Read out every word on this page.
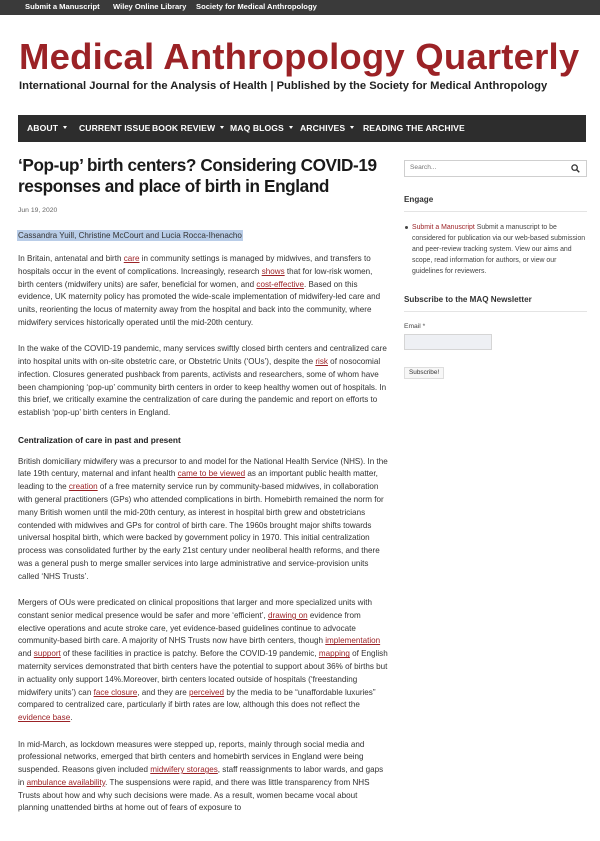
Submit a Manuscript Wiley Online Library Society for Medical Anthropology
Medical Anthropology Quarterly
International Journal for the Analysis of Health | Published by the Society for Medical Anthropology
ABOUT	CURRENT ISSUE BOOK REVIEW	MAQ BLOGS	ARCHIVES	READING THE ARCHIVE
‘Pop-up’ birth centers? Considering COVID-19 responses and place of birth in England
Jun 19, 2020
Cassandra Yuill, Christine McCourt and Lucia Rocca-Ihenacho

In Britain, antenatal and birth care in community settings is managed by midwives, and transfers to hospitals occur in the event of complications. Increasingly, research shows that for low-risk women, birth centers (midwifery units) are safer, beneficial for women, and cost-effective. Based on this evidence, UK maternity policy has promoted the wide-scale implementation of midwifery-led care and units, reorienting the locus of maternity away from the hospital and back into the community, where midwifery services historically operated until the mid-20th century.

In the wake of the COVID-19 pandemic, many services swiftly closed birth centers and centralized care into hospital units with on-site obstetric care, or Obstetric Units (‘OUs’), despite the risk of nosocomial infection. Closures generated pushback from parents, activists and researchers, some of whom have been championing ‘pop-up’ community birth centers in order to keep healthy women out of hospitals. In this brief, we critically examine the centralization of care during the pandemic and report on efforts to establish ‘pop-up’ birth centers in England.

Centralization of care in past and present

British domiciliary midwifery was a precursor to and model for the National Health Service (NHS). In the late 19th century, maternal and infant health came to be viewed as an important public health matter, leading to the creation of a free maternity service run by community-based midwives, in collaboration with general practitioners (GPs) who attended complications in birth. Homebirth remained the norm for many British women until the mid-20th century, as interest in hospital birth grew and obstetricians contended with midwives and GPs for control of birth care. The 1960s brought major shifts towards universal hospital birth, which were backed by government policy in 1970. This initial centralization process was consolidated further by the early 21st century under neoliberal health reforms, and there was a general push to merge smaller services into large administrative and service-provision units called ‘NHS Trusts’.

Mergers of OUs were predicated on clinical propositions that larger and more specialized units with constant senior medical presence would be safer and more ‘efficient’, drawing on evidence from elective operations and acute stroke care, yet evidence-based guidelines continue to advocate community-based birth care. A majority of NHS Trusts now have birth centers, though implementation and support of these facilities in practice is patchy. Before the COVID-19 pandemic, mapping of English maternity services demonstrated that birth centers have the potential to support about 36% of births but in actuality only support 14%.Moreover, birth centers located outside of hospitals (‘freestanding midwifery units’) can face closure, and they are perceived by the media to be “unaffordable luxuries” compared to centralized care, particularly if birth rates are low, although this does not reflect the evidence base.

In mid-March, as lockdown measures were stepped up, reports, mainly through social media and professional networks, emerged that birth centers and homebirth services in England were being suspended. Reasons given included midwifery storages, staff reassignments to labor wards, and gaps in ambulance availability. The suspensions were rapid, and there was little transparency from NHS Trusts about how and why such decisions were made. As a result, women became vocal about planning unattended births at home out of fears of exposure to

Search...
Engage
Submit a Manuscript Submit a manuscript to be considered for publication via our web-based submission and peer-review tracking system. View our aims and scope, read information for authors, or view our guidelines for reviewers.
Subscribe to the MAQ Newsletter
Email *
Subscribe!
